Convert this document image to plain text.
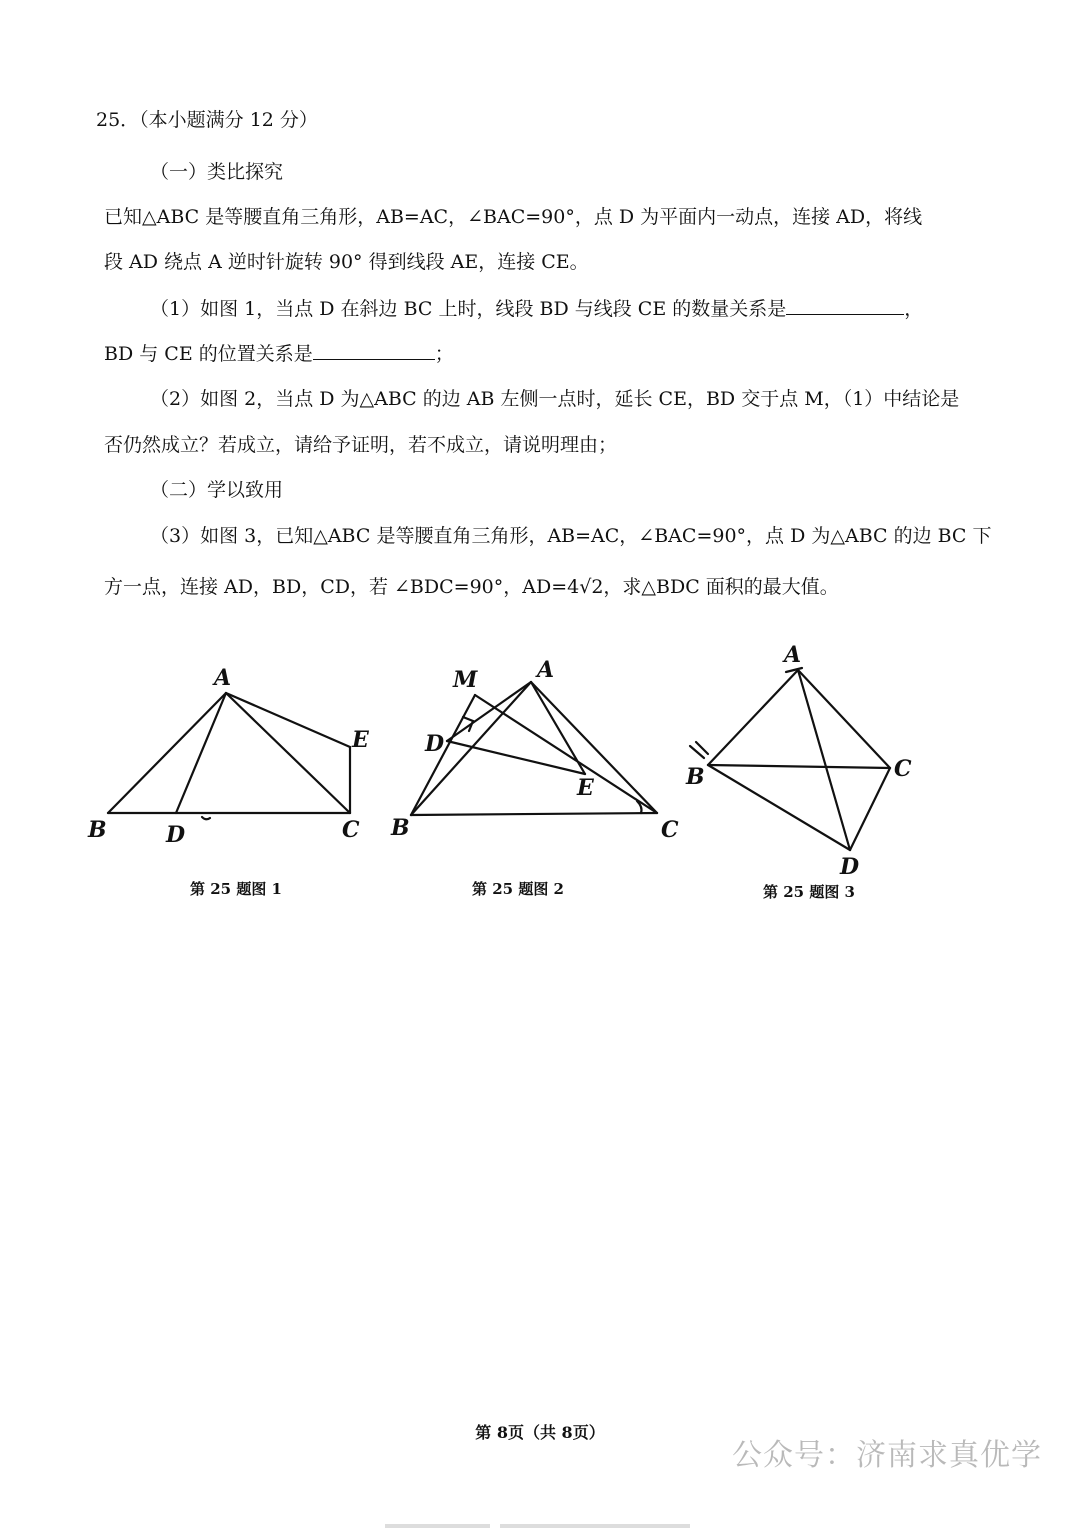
25．（本小题满分 12 分）
（一）类比探究
已知△ABC 是等腰直角三角形，AB=AC，∠BAC=90°，点 D 为平面内一动点，连接 AD，将线
段 AD 绕点 A 逆时针旋转 90° 得到线段 AE，连接 CE。
（1）如图 1，当点 D 在斜边 BC 上时，线段 BD 与线段 CE 的数量关系是	，
BD 与 CE 的位置关系是	；
（2）如图 2，当点 D 为△ABC 的边 AB 左侧一点时，延长 CE，BD 交于点 M，（1）中结论是
否仍然成立？若成立，请给予证明，若不成立，请说明理由；
（二）学以致用
（3）如图 3，已知△ABC 是等腰直角三角形，AB=AC，∠BAC=90°，点 D 为△ABC 的边 BC 下
方一点，连接 AD，BD，CD，若 ∠BDC=90°，AD=4√2，求△BDC 面积的最大值。
A
B	C
D
E
A
M
D
E
B	C
A
B	C
D
第 25 题图 1	第 25 题图 2	第 25 题图 3
第 8页（共 8页）
公众号：济南求真优学
